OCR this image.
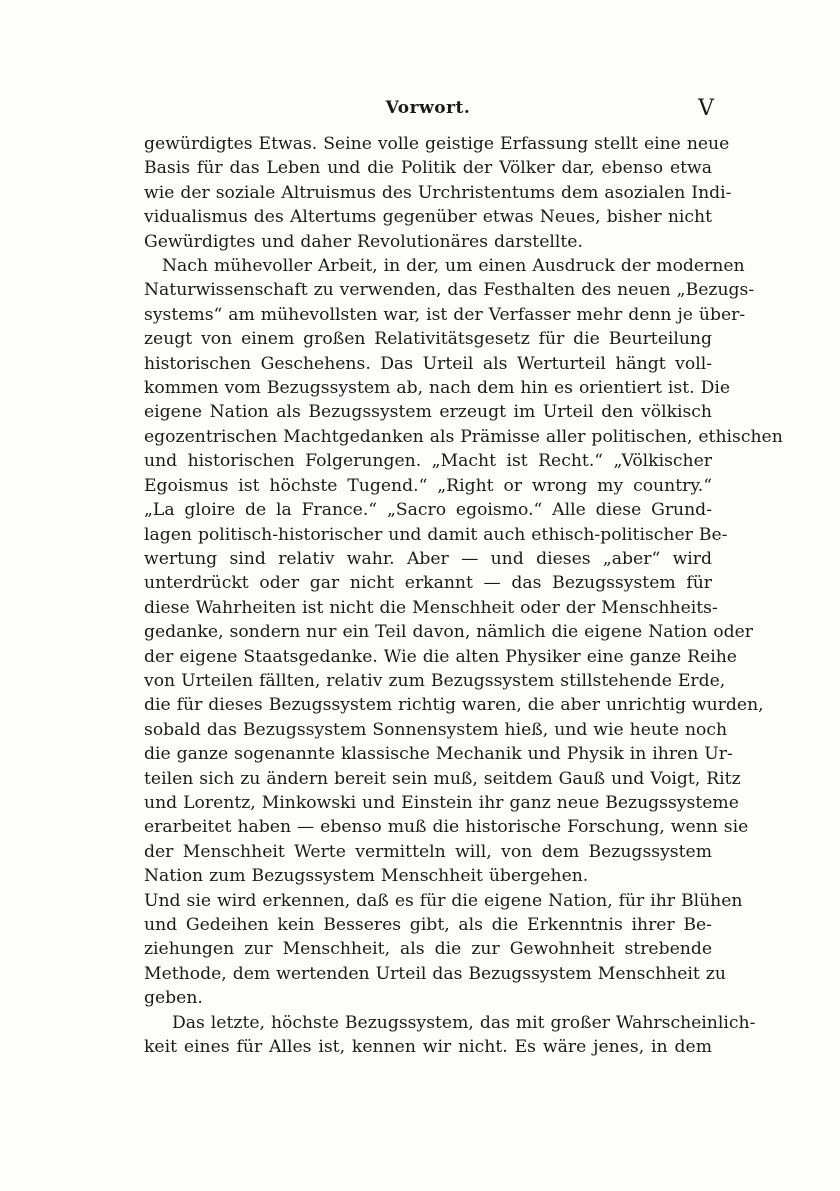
Vorwort.	V
gewürdigtes Etwas. Seine volle geistige Erfassung stellt eine neue
Basis für das Leben und die Politik der Völker dar, ebenso etwa
wie der soziale Altruismus des Urchristentums dem asozialen Indi-
vidualismus des Altertums gegenüber etwas Neues, bisher nicht
Gewürdigtes und daher Revolutionäres darstellte.
Nach mühevoller Arbeit, in der, um einen Ausdruck der modernen
Naturwissenschaft zu verwenden, das Festhalten des neuen „Bezugs-
systems“ am mühevollsten war, ist der Verfasser mehr denn je über-
zeugt von einem großen Relativitätsgesetz für die Beurteilung
historischen Geschehens. Das Urteil als Werturteil hängt voll-
kommen vom Bezugssystem ab, nach dem hin es orientiert ist. Die
eigene Nation als Bezugssystem erzeugt im Urteil den völkisch
egozentrischen Machtgedanken als Prämisse aller politischen, ethischen
und historischen Folgerungen. „Macht ist Recht.“ „Völkischer
Egoismus ist höchste Tugend.“ „Right or wrong my country.“
„La gloire de la France.“ „Sacro egoismo.“ Alle diese Grund-
lagen politisch-historischer und damit auch ethisch-politischer Be-
wertung sind relativ wahr. Aber — und dieses „aber“ wird
unterdrückt oder gar nicht erkannt — das Bezugssystem für
diese Wahrheiten ist nicht die Menschheit oder der Menschheits-
gedanke, sondern nur ein Teil davon, nämlich die eigene Nation oder
der eigene Staatsgedanke. Wie die alten Physiker eine ganze Reihe
von Urteilen fällten, relativ zum Bezugssystem stillstehende Erde,
die für dieses Bezugssystem richtig waren, die aber unrichtig wurden,
sobald das Bezugssystem Sonnensystem hieß, und wie heute noch
die ganze sogenannte klassische Mechanik und Physik in ihren Ur-
teilen sich zu ändern bereit sein muß, seitdem Gauß und Voigt, Ritz
und Lorentz, Minkowski und Einstein ihr ganz neue Bezugssysteme
erarbeitet haben — ebenso muß die historische Forschung, wenn sie
der Menschheit Werte vermitteln will, von dem Bezugssystem
Nation zum Bezugssystem Menschheit übergehen.
Und sie wird erkennen, daß es für die eigene Nation, für ihr Blühen
und Gedeihen kein Besseres gibt, als die Erkenntnis ihrer Be-
ziehungen zur Menschheit, als die zur Gewohnheit strebende
Methode, dem wertenden Urteil das Bezugssystem Menschheit zu
geben.
Das letzte, höchste Bezugssystem, das mit großer Wahrscheinlich-
keit eines für Alles ist, kennen wir nicht. Es wäre jenes, in dem
